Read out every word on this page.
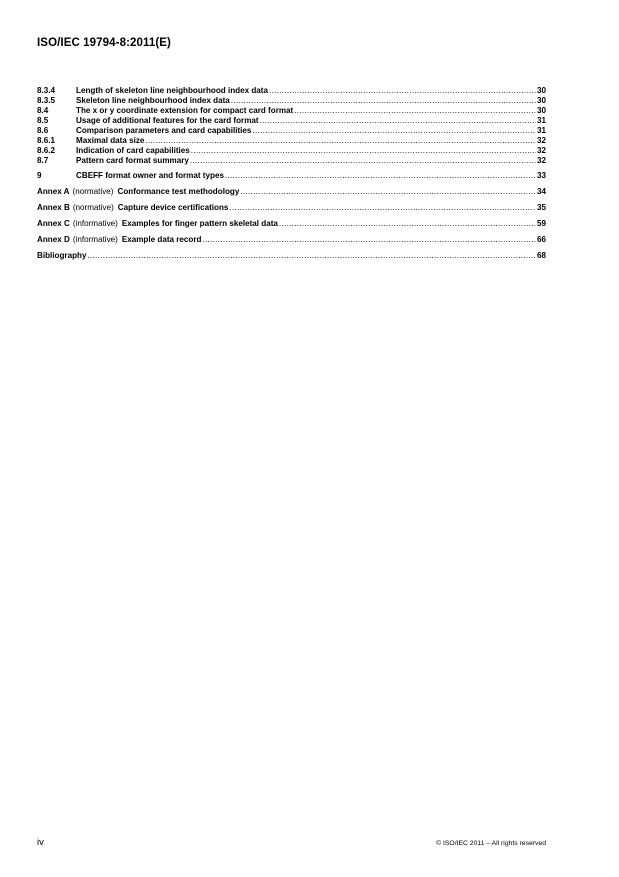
ISO/IEC 19794-8:2011(E)
8.3.4	Length of skeleton line neighbourhood index data .....	30
8.3.5	Skeleton line neighbourhood index data .....	30
8.4	The x or y coordinate extension for compact card format .....	30
8.5	Usage of additional features for the card format .....	31
8.6	Comparison parameters and card capabilities .....	31
8.6.1	Maximal data size .....	32
8.6.2	Indication of card capabilities .....	32
8.7	Pattern card format summary .....	32
9	CBEFF format owner and format types .....	33
Annex A (normative) Conformance test methodology .....	34
Annex B (normative) Capture device certifications .....	35
Annex C (informative) Examples for finger pattern skeletal data .....	59
Annex D (informative) Example data record .....	66
Bibliography .....	68
iv	© ISO/IEC 2011 – All rights reserved
